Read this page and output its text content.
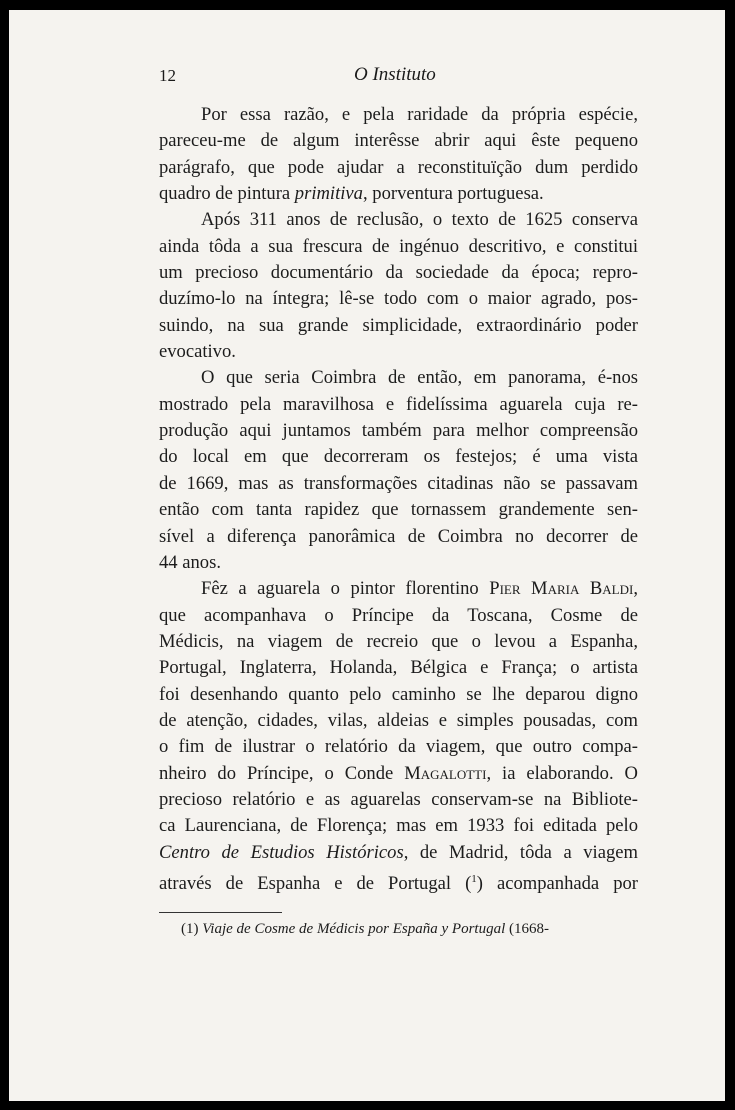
12	O Instituto
Por essa razão, e pela raridade da própria espécie,
pareceu-me de algum interêsse abrir aqui êste pequeno
parágrafo, que pode ajudar a reconstituïção dum perdido
quadro de pintura primitiva, porventura portuguesa.
Após 311 anos de reclusão, o texto de 1625 conserva
ainda tôda a sua frescura de ingénuo descritivo, e constitui
um precioso documentário da sociedade da época; repro-
duzímo-lo na íntegra; lê-se todo com o maior agrado, pos-
suindo, na sua grande simplicidade, extraordinário poder
evocativo.
O que seria Coimbra de então, em panorama, é-nos
mostrado pela maravilhosa e fidelíssima aguarela cuja re-
produção aqui juntamos também para melhor compreensão
do local em que decorreram os festejos; é uma vista
de 1669, mas as transformações citadinas não se passavam
então com tanta rapidez que tornassem grandemente sen-
sível a diferença panorâmica de Coimbra no decorrer de
44 anos.
Fêz a aguarela o pintor florentino Pier Maria Baldi,
que acompanhava o Príncipe da Toscana, Cosme de
Médicis, na viagem de recreio que o levou a Espanha,
Portugal, Inglaterra, Holanda, Bélgica e França; o artista
foi desenhando quanto pelo caminho se lhe deparou digno
de atenção, cidades, vilas, aldeias e simples pousadas, com
o fim de ilustrar o relatório da viagem, que outro compa-
nheiro do Príncipe, o Conde Magalotti, ia elaborando. O
precioso relatório e as aguarelas conservam-se na Bibliote-
ca Laurenciana, de Florença; mas em 1933 foi editada pelo
Centro de Estudios Históricos, de Madrid, tôda a viagem
através de Espanha e de Portugal ($^1$) acompanhada por
(1) Viaje de Cosme de Médicis por España y Portugal (1668-
